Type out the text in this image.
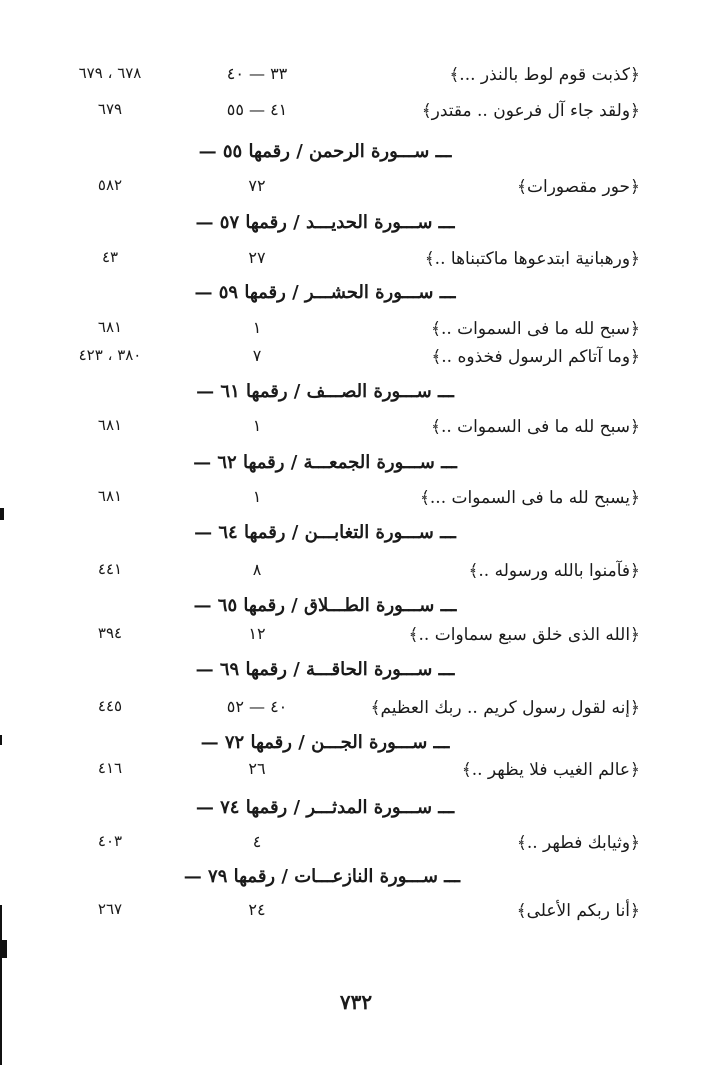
﴿كذبت قوم لوط بالنذر ...﴾
٣٣ — ٤٠
٦٧٨ ، ٦٧٩
﴿ولقد جاء آل فرعون .. مقتدر﴾
٤١ — ٥٥
٦٧٩
ـــ ســـورة الرحمن / رقمها ٥٥ —
﴿حور مقصورات﴾
٧٢
٥٨٢
ـــ ســـورة الحديـــد / رقمها ٥٧ —
﴿ورهبانية ابتدعوها ماكتبناها ..﴾
٢٧
٤٣
ـــ ســـورة الحشـــر / رقمها ٥٩ —
﴿سبح لله ما فى السموات ..﴾
١
٦٨١
﴿وما آتاكم الرسول فخذوه ..﴾
٧
٣٨٠ ، ٤٢٣
ـــ ســـورة الصـــف / رقمها ٦١ —
﴿سبح لله ما فى السموات ..﴾
١
٦٨١
ـــ ســـورة الجمعـــة / رقمها ٦٢ —
﴿يسبح لله ما فى السموات ...﴾
١
٦٨١
ـــ ســـورة التغابـــن / رقمها ٦٤ —
﴿فآمنوا بالله ورسوله ..﴾
٨
٤٤١
ـــ ســـورة الطـــلاق / رقمها ٦٥ —
﴿الله الذى خلق سبع سماوات ..﴾
١٢
٣٩٤
ـــ ســـورة الحاقـــة / رقمها ٦٩ —
﴿إنه لقول رسول كريم .. ربك العظيم﴾
٤٠ — ٥٢
٤٤٥
ـــ ســـورة الجـــن / رقمها ٧٢ —
﴿عالم الغيب فلا يظهر ..﴾
٢٦
٤١٦
ـــ ســـورة المدثـــر / رقمها ٧٤ —
﴿وثيابك فطهر ..﴾
٤
٤٠٣
ـــ ســـورة النازعـــات / رقمها ٧٩ —
﴿أنا ربكم الأعلى﴾
٢٤
٢٦٧
٧٣٢
